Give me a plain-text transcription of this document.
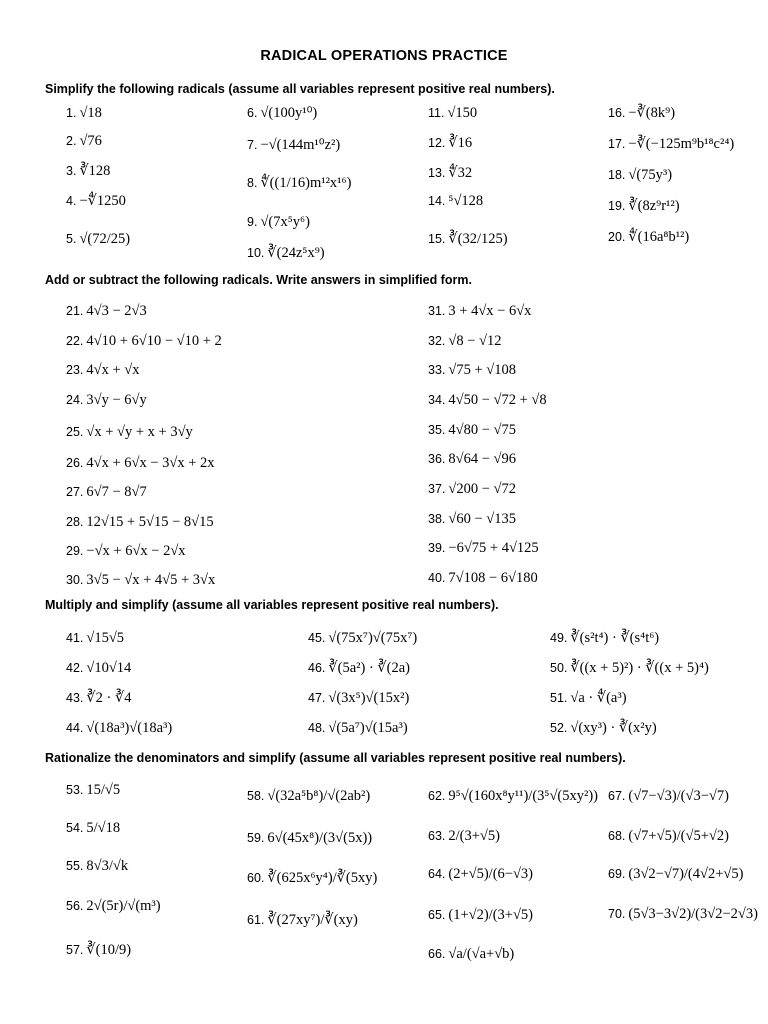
RADICAL OPERATIONS PRACTICE
Simplify the following radicals (assume all variables represent positive real numbers).
Add or subtract the following radicals. Write answers in simplified form.
Multiply and simplify (assume all variables represent positive real numbers).
Rationalize the denominators and simplify (assume all variables represent positive real numbers).
1. √18
2. √76
3. ∛128
4. −∜1250
5. √(72/25)
6. √(100y¹⁰)
7. −√(144m¹⁰z²)
8. ∜((1/16)m¹²x¹⁶)
9. √(7x⁵y⁶)
10. ∛(24z⁵x⁹)
11. √150
12. ∛16
13. ∜32
14. ⁵√128
15. ∛(32/125)
16. −∛(8k⁹)
17. −∛(−125m⁹b¹⁸c²⁴)
18. √(75y³)
19. ∛(8z⁹r¹²)
20. ∜(16a⁸b¹²)
21. 4√3 − 2√3
22. 4√10 + 6√10 − √10 + 2
23. 4√x + √x
24. 3√y − 6√y
25. √x + √y + x + 3√y
26. 4√x + 6√x − 3√x + 2x
27. 6√7 − 8√7
28. 12√15 + 5√15 − 8√15
29. −√x + 6√x − 2√x
30. 3√5 − √x + 4√5 + 3√x
31. 3 + 4√x − 6√x
32. √8 − √12
33. √75 + √108
34. 4√50 − √72 + √8
35. 4√80 − √75
36. 8√64 − √96
37. √200 − √72
38. √60 − √135
39. −6√75 + 4√125
40. 7√108 − 6√180
41. √15√5
42. √10√14
43. ∛2 · ∛4
44. √(18a³)√(18a³)
45. √(75x⁷)√(75x⁷)
46. ∛(5a²) · ∛(2a)
47. √(3x⁵)√(15x²)
48. √(5a⁷)√(15a³)
49. ∛(s²t⁴) · ∛(s⁴t⁶)
50. ∛((x + 5)²) · ∛((x + 5)⁴)
51. √a · ∜(a³)
52. √(xy³) · ∛(x²y)
53. 15/√5
54. 5/√18
55. 8√3/√k
56. 2√(5r)/√(m³)
57. ∛(10/9)
58. √(32a⁵b⁸)/√(2ab²)
59. 6√(45x⁸)/(3√(5x))
60. ∛(625x⁶y⁴)/∛(5xy)
61. ∛(27xy⁷)/∛(xy)
62. 9⁵√(160x⁸y¹¹)/(3⁵√(5xy²))
63. 2/(3+√5)
64. (2+√5)/(6−√3)
65. (1+√2)/(3+√5)
66. √a/(√a+√b)
67. (√7−√3)/(√3−√7)
68. (√7+√5)/(√5+√2)
69. (3√2−√7)/(4√2+√5)
70. (5√3−3√2)/(3√2−2√3)
